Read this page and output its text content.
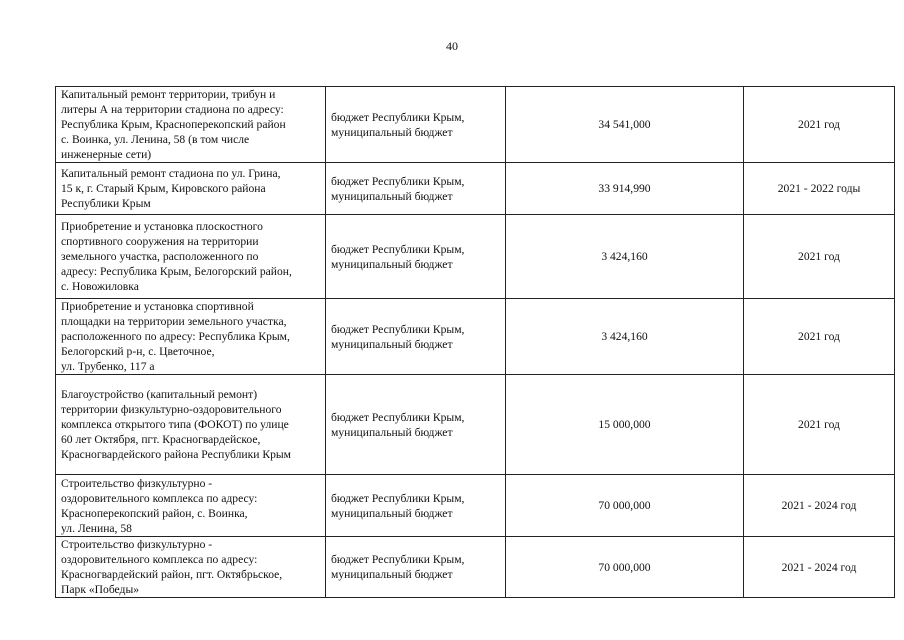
40
Капитальный ремонт территории, трибун и
литеры А на территории стадиона по адресу:
Республика Крым, Красноперекопский район
с. Воинка, ул. Ленина, 58 (в том числе
инженерные сети)	бюджет Республики Крым,
муниципальный бюджет	34 541,000	2021 год
Капитальный ремонт стадиона по ул. Грина,
15 к, г. Старый Крым, Кировского района
Республики Крым	бюджет Республики Крым,
муниципальный бюджет	33 914,990	2021 - 2022 годы
Приобретение и установка плоскостного
спортивного сооружения на территории
земельного участка, расположенного по
адресу: Республика Крым, Белогорский район,
с. Новожиловка	бюджет Республики Крым,
муниципальный бюджет	3 424,160	2021 год
Приобретение и установка спортивной
площадки на территории земельного участка,
расположенного по адресу: Республика Крым,
Белогорский р-н, с. Цветочное,
ул. Трубенко, 117 а	бюджет Республики Крым,
муниципальный бюджет	3 424,160	2021 год
Благоустройство (капитальный ремонт)
территории физкультурно-оздоровительного
комплекса открытого типа (ФОКОТ) по улице
60 лет Октября, пгт. Красногвардейское,
Красногвардейского района Республики Крым	бюджет Республики Крым,
муниципальный бюджет	15 000,000	2021 год
Строительство физкультурно -
оздоровительного комплекса по адресу:
Красноперекопский район, с. Воинка,
ул. Ленина, 58	бюджет Республики Крым,
муниципальный бюджет	70 000,000	2021 - 2024 год
Строительство физкультурно -
оздоровительного комплекса по адресу:
Красногвардейский район, пгт. Октябрьское,
Парк «Победы»	бюджет Республики Крым,
муниципальный бюджет	70 000,000	2021 - 2024 год
